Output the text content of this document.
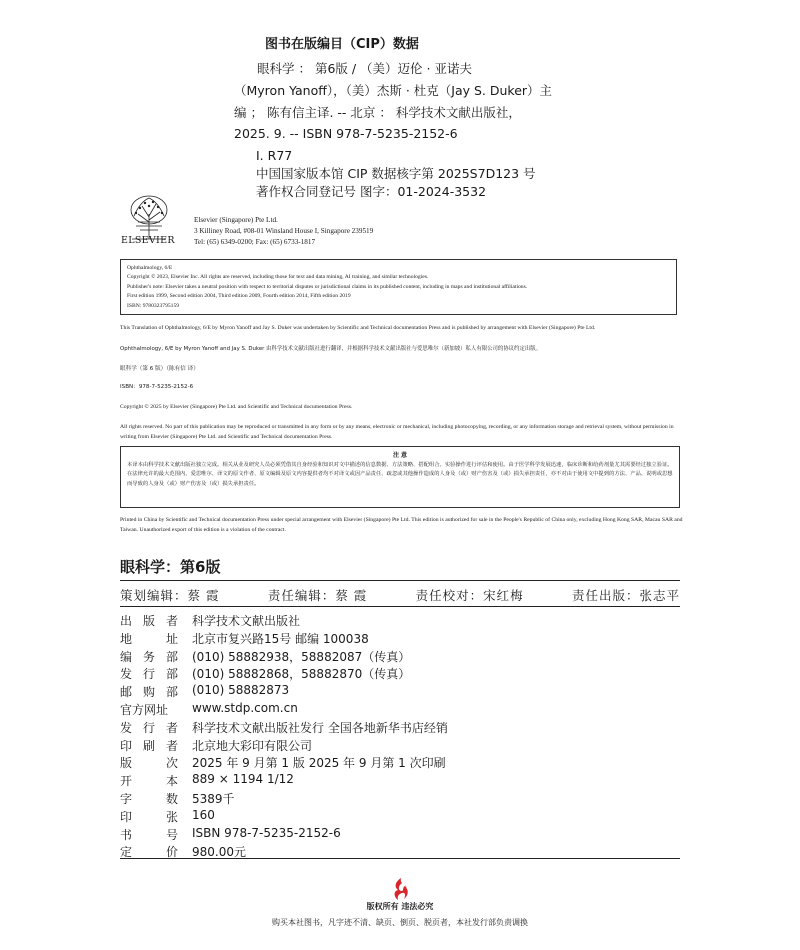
图书在版编目（CIP）数据
眼科学 ： 第6版 / （美）迈伦 · 亚诺夫
（Myron Yanoff），（美）杰斯 · 杜克（Jay S. Duker）主
编 ； 陈有信主译. -- 北京 ： 科学技术文献出版社，
2025. 9. -- ISBN 978-7-5235-2152-6
Ⅰ. R77
中国国家版本馆 CIP 数据核字第 2025S7D123 号
著作权合同登记号 图字：01-2024-3532
ELSEVIER
Elsevier (Singapore) Pte Ltd.
3 Killiney Road, #08-01 Winsland House I, Singapore 239519
Tel: (65) 6349-0200; Fax: (65) 6733-1817
Ophthalmology, 6/E
Copyright © 2023, Elsevier Inc. All rights are reserved, including those for text and data mining, AI training, and similar technologies.
Publisher's note: Elsevier takes a neutral position with respect to territorial disputes or jurisdictional claims in its published content, including in maps and institutional affiliations.
First edition 1999, Second edition 2004, Third edition 2009, Fourth edition 2014, Fifth edition 2019
ISBN: 9780323795159
This Translation of Ophthalmology, 6/E by Myron Yanoff and Jay S. Duker was undertaken by Scientific and Technical documentation Press and is published by arrangement with Elsevier (Singapore) Pte Ltd.
Ophthalmology, 6/E by Myron Yanoff and Jay S. Duker 由科学技术文献出版社进行翻译，并根据科学技术文献出版社与爱思唯尔（新加坡）私人有限公司的协议约定出版。
眼科学（第 6 版）（陈有信 译）
ISBN：978-7-5235-2152-6
Copyright © 2025 by Elsevier (Singapore) Pte Ltd. and Scientific and Technical documentation Press.
All rights reserved. No part of this publication may be reproduced or transmitted in any form or by any means, electronic or mechanical, including photocopying, recording, or any information storage and retrieval system, without permission in writing from Elsevier (Singapore) Pte Ltd. and Scientific and Technical documentation Press.
注 意
本译本由科学技术文献出版社独立完成。相关从业及研究人员必须凭借其自身经验和知识对文中描述的信息数据、方法策略、搭配组合、实验操作进行评估和使用。由于医学科学发展迅速，临床诊断和给药剂量尤其需要经过独立验证。在法律允许的最大范围内，爱思唯尔、译文的原文作者、原文编辑及原文内容提供者均不对译文或因产品责任、疏忽或其他操作造成的人身及（或）财产伤害及（或）损失承担责任，亦不对由于使用文中提到的方法、产品、说明或思想而导致的人身及（或）财产伤害及（或）损失承担责任。
Printed in China by Scientific and Technical documentation Press under special arrangement with Elsevier (Singapore) Pte Ltd. This edition is authorized for sale in the People's Republic of China only, excluding Hong Kong SAR, Macau SAR and Taiwan. Unauthorized export of this edition is a violation of the contract.
眼科学：第6版
策划编辑：蔡 霞	责任编辑：蔡 霞	责任校对：宋红梅	责任出版：张志平
出 版 者 科学技术文献出版社
地	址 北京市复兴路15号 邮编 100038
编 务 部 (010) 58882938，58882087（传真）
发 行 部 (010) 58882868，58882870（传真）
邮 购 部 (010) 58882873
官方网址	www.stdp.com.cn
发 行 者 科学技术文献出版社发行 全国各地新华书店经销
印 刷 者 北京地大彩印有限公司
版	次 2025 年 9 月第 1 版 2025 年 9 月第 1 次印刷
开	本 889 × 1194 1/12
字	数 5389千
印	张 160
书	号 ISBN 978-7-5235-2152-6
定	价 980.00元
版权所有 违法必究
购买本社图书，凡字迹不清、缺页、倒页、脱页者，本社发行部负责调换
